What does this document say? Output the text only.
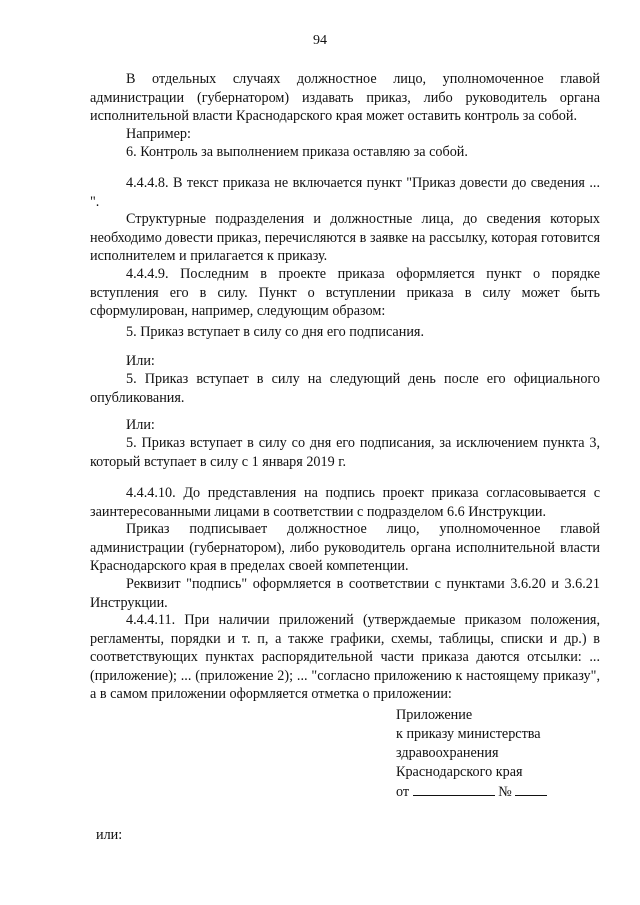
94

В отдельных случаях должностное лицо, уполномоченное главой администрации (губернатором) издавать приказ, либо руководитель органа исполнительной власти Краснодарского края может оставить контроль за собой.

Например:

6. Контроль за выполнением приказа оставляю за собой.

4.4.4.8. В текст приказа не включается пункт "Приказ довести до сведения ... ".

Структурные подразделения и должностные лица, до сведения которых необходимо довести приказ, перечисляются в заявке на рассылку, которая готовится исполнителем и прилагается к приказу.

4.4.4.9. Последним в проекте приказа оформляется пункт о порядке вступления его в силу. Пункт о вступлении приказа в силу может быть сформулирован, например, следующим образом:

5. Приказ вступает в силу со дня его подписания.

Или:

5. Приказ вступает в силу на следующий день после его официального опубликования.

Или:

5. Приказ вступает в силу со дня его подписания, за исключением пункта 3, который вступает в силу с 1 января 2019 г.

4.4.4.10. До представления на подпись проект приказа согласовывается с заинтересованными лицами в соответствии с подразделом 6.6 Инструкции.

Приказ подписывает должностное лицо, уполномоченное главой администрации (губернатором), либо руководитель органа исполнительной власти Краснодарского края в пределах своей компетенции.

Реквизит "подпись" оформляется в соответствии с пунктами 3.6.20 и 3.6.21 Инструкции.

4.4.4.11. При наличии приложений (утверждаемые приказом положения, регламенты, порядки и т. п, а также графики, схемы, таблицы, списки и др.) в соответствующих пунктах распорядительной части приказа даются отсылки: ... (приложение); ... (приложение 2); ... "согласно приложению к настоящему приказу", а в самом приложении оформляется отметка о приложении:

Приложение
к приказу министерства
здравоохранения
Краснодарского края
от	№

или:
